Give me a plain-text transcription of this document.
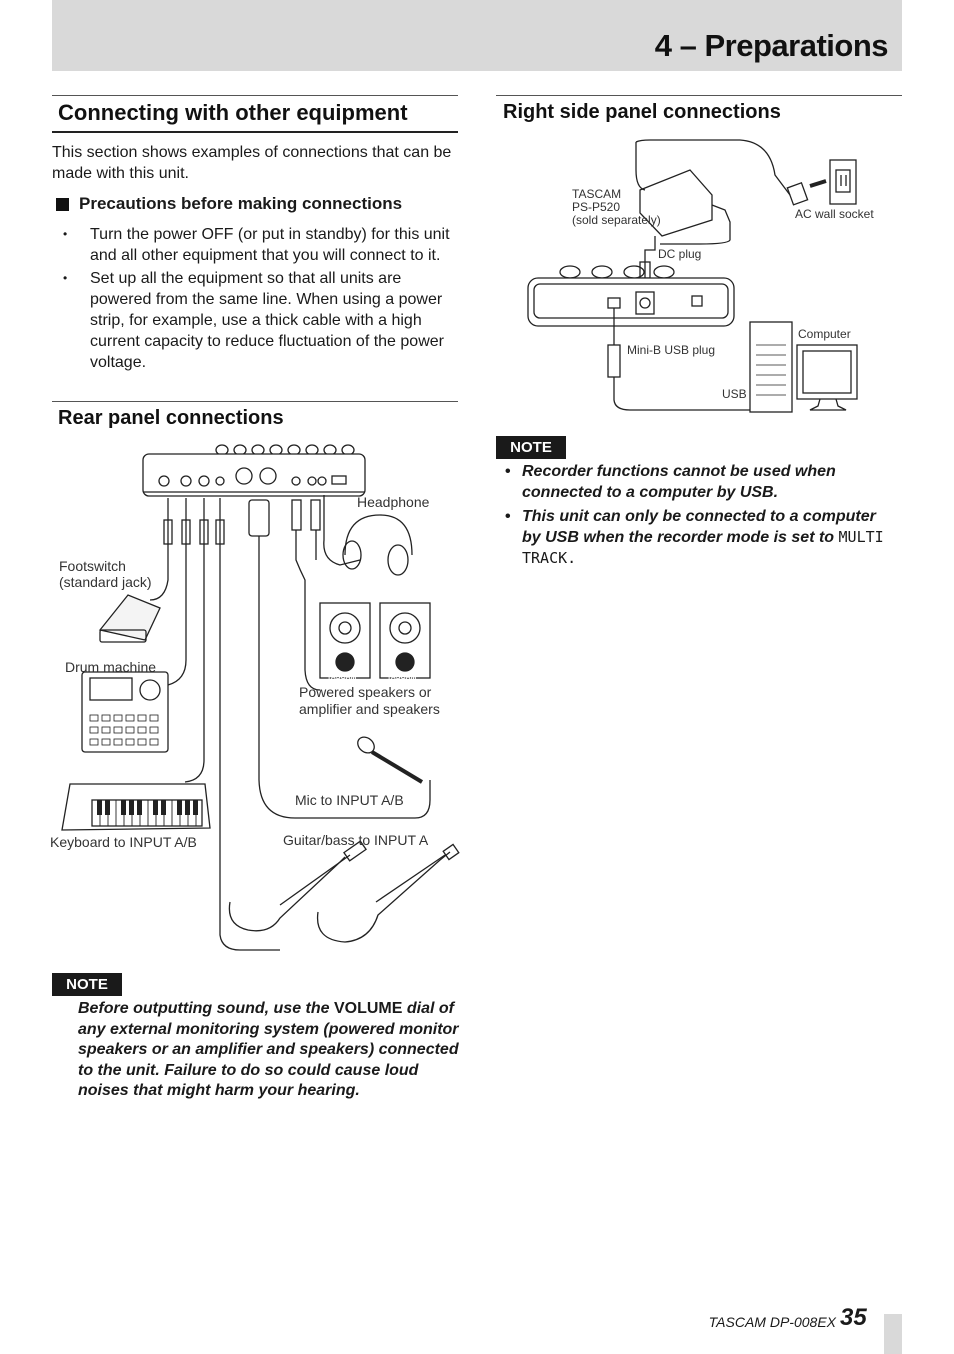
4 – Preparations
Connecting with other equipment
This section shows examples of connections that can be made with this unit.
Precautions before making connections
• Turn the power OFF (or put in standby) for this unit and all other equipment that you will connect to it.
• Set up all the equipment so that all units are powered from the same line. When using a power strip, for example, use a thick cable with a high current capacity to reduce fluctuation of the power voltage.
Rear panel connections
Headphone
Footswitch
(standard jack)
Drum machine
Powered speakers or
amplifier and speakers
Mic to INPUT A/B
Keyboard to INPUT A/B	Guitar/bass to INPUT A
TASCAM	TASCAM
NOTE
Before outputting sound, use the VOLUME dial of any external monitoring system (powered monitor speakers or an amplifier and speakers) connected to the unit. Failure to do so could cause loud noises that might harm your hearing.
Right side panel connections
TASCAM
PS-P520
(sold separately)	AC wall socket
DC plug
Computer
Mini-B USB plug
USB
NOTE
• Recorder functions cannot be used when connected to a computer by USB.
• This unit can only be connected to a computer by USB when the recorder mode is set to MULTI TRACK.
TASCAM DP-008EX 35
